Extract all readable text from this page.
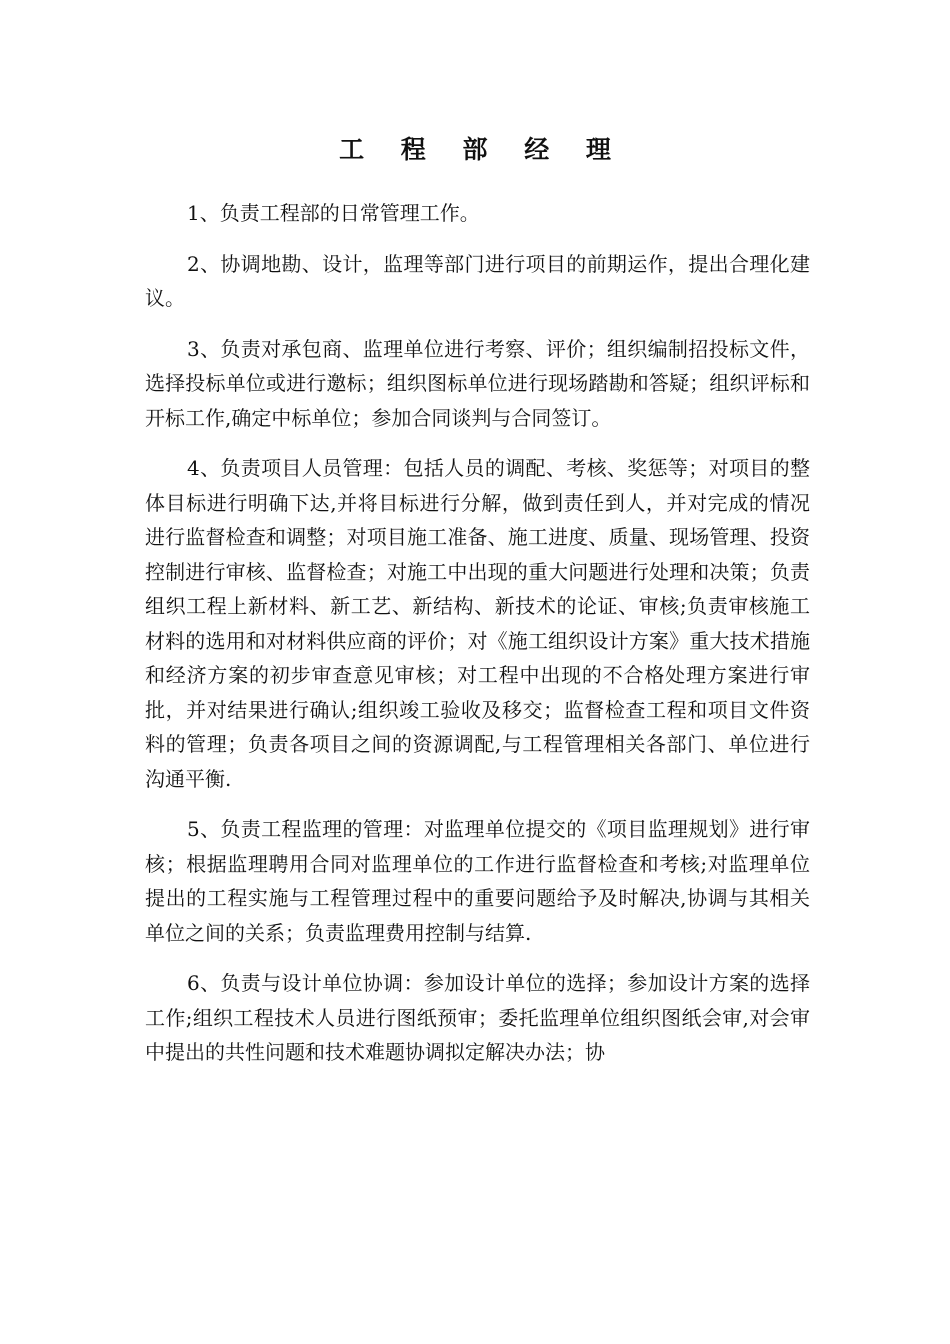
工 程 部 经 理

1、负责工程部的日常管理工作。

2、协调地勘、设计，监理等部门进行项目的前期运作，提出合理化建议。

3、负责对承包商、监理单位进行考察、评价；组织编制招投标文件，选择投标单位或进行邀标；组织图标单位进行现场踏勘和答疑；组织评标和开标工作,确定中标单位；参加合同谈判与合同签订。

4、负责项目人员管理：包括人员的调配、考核、奖惩等；对项目的整体目标进行明确下达,并将目标进行分解，做到责任到人，并对完成的情况进行监督检查和调整；对项目施工准备、施工进度、质量、现场管理、投资控制进行审核、监督检查；对施工中出现的重大问题进行处理和决策；负责组织工程上新材料、新工艺、新结构、新技术的论证、审核;负责审核施工材料的选用和对材料供应商的评价；对《施工组织设计方案》重大技术措施和经济方案的初步审查意见审核；对工程中出现的不合格处理方案进行审批，并对结果进行确认;组织竣工验收及移交；监督检查工程和项目文件资料的管理；负责各项目之间的资源调配,与工程管理相关各部门、单位进行沟通平衡.

5、负责工程监理的管理：对监理单位提交的《项目监理规划》进行审核；根据监理聘用合同对监理单位的工作进行监督检查和考核;对监理单位提出的工程实施与工程管理过程中的重要问题给予及时解决,协调与其相关单位之间的关系；负责监理费用控制与结算.

6、负责与设计单位协调：参加设计单位的选择；参加设计方案的选择工作;组织工程技术人员进行图纸预审；委托监理单位组织图纸会审,对会审中提出的共性问题和技术难题协调拟定解决办法；协
